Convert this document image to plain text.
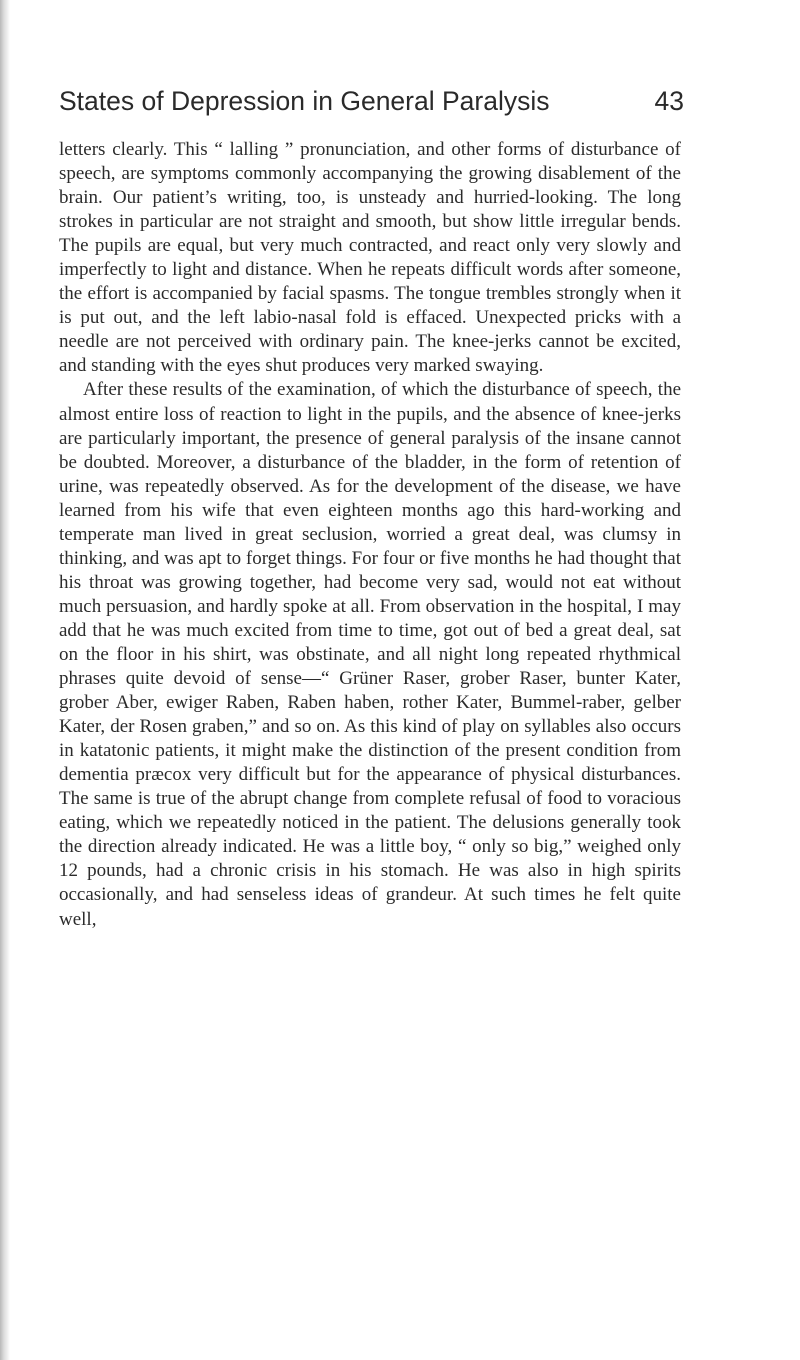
States of Depression in General Paralysis	43

letters clearly. This “ lalling ” pronunciation, and other forms of disturbance of speech, are symptoms commonly accompanying the growing disablement of the brain. Our patient’s writing, too, is unsteady and hurried-looking. The long strokes in particular are not straight and smooth, but show little irregular bends. The pupils are equal, but very much contracted, and react only very slowly and imperfectly to light and distance. When he repeats difficult words after someone, the effort is accompanied by facial spasms. The tongue trembles strongly when it is put out, and the left labio-nasal fold is effaced. Unexpected pricks with a needle are not perceived with ordinary pain. The knee-jerks cannot be excited, and standing with the eyes shut produces very marked swaying.

After these results of the examination, of which the disturbance of speech, the almost entire loss of reaction to light in the pupils, and the absence of knee-jerks are particularly important, the presence of general paralysis of the insane cannot be doubted. Moreover, a disturbance of the bladder, in the form of retention of urine, was repeatedly observed. As for the development of the disease, we have learned from his wife that even eighteen months ago this hard-working and temperate man lived in great seclusion, worried a great deal, was clumsy in thinking, and was apt to forget things. For four or five months he had thought that his throat was growing together, had become very sad, would not eat without much persuasion, and hardly spoke at all. From observation in the hospital, I may add that he was much excited from time to time, got out of bed a great deal, sat on the floor in his shirt, was obstinate, and all night long repeated rhythmical phrases quite devoid of sense—“ Grüner Raser, grober Raser, bunter Kater, grober Aber, ewiger Raben, Raben haben, rother Kater, Bummel-raber, gelber Kater, der Rosen graben,” and so on. As this kind of play on syllables also occurs in katatonic patients, it might make the distinction of the present condition from dementia præcox very difficult but for the appearance of physical disturbances. The same is true of the abrupt change from complete refusal of food to voracious eating, which we repeatedly noticed in the patient. The delusions generally took the direction already indicated. He was a little boy, “ only so big,” weighed only 12 pounds, had a chronic crisis in his stomach. He was also in high spirits occasionally, and had senseless ideas of grandeur. At such times he felt quite well,
